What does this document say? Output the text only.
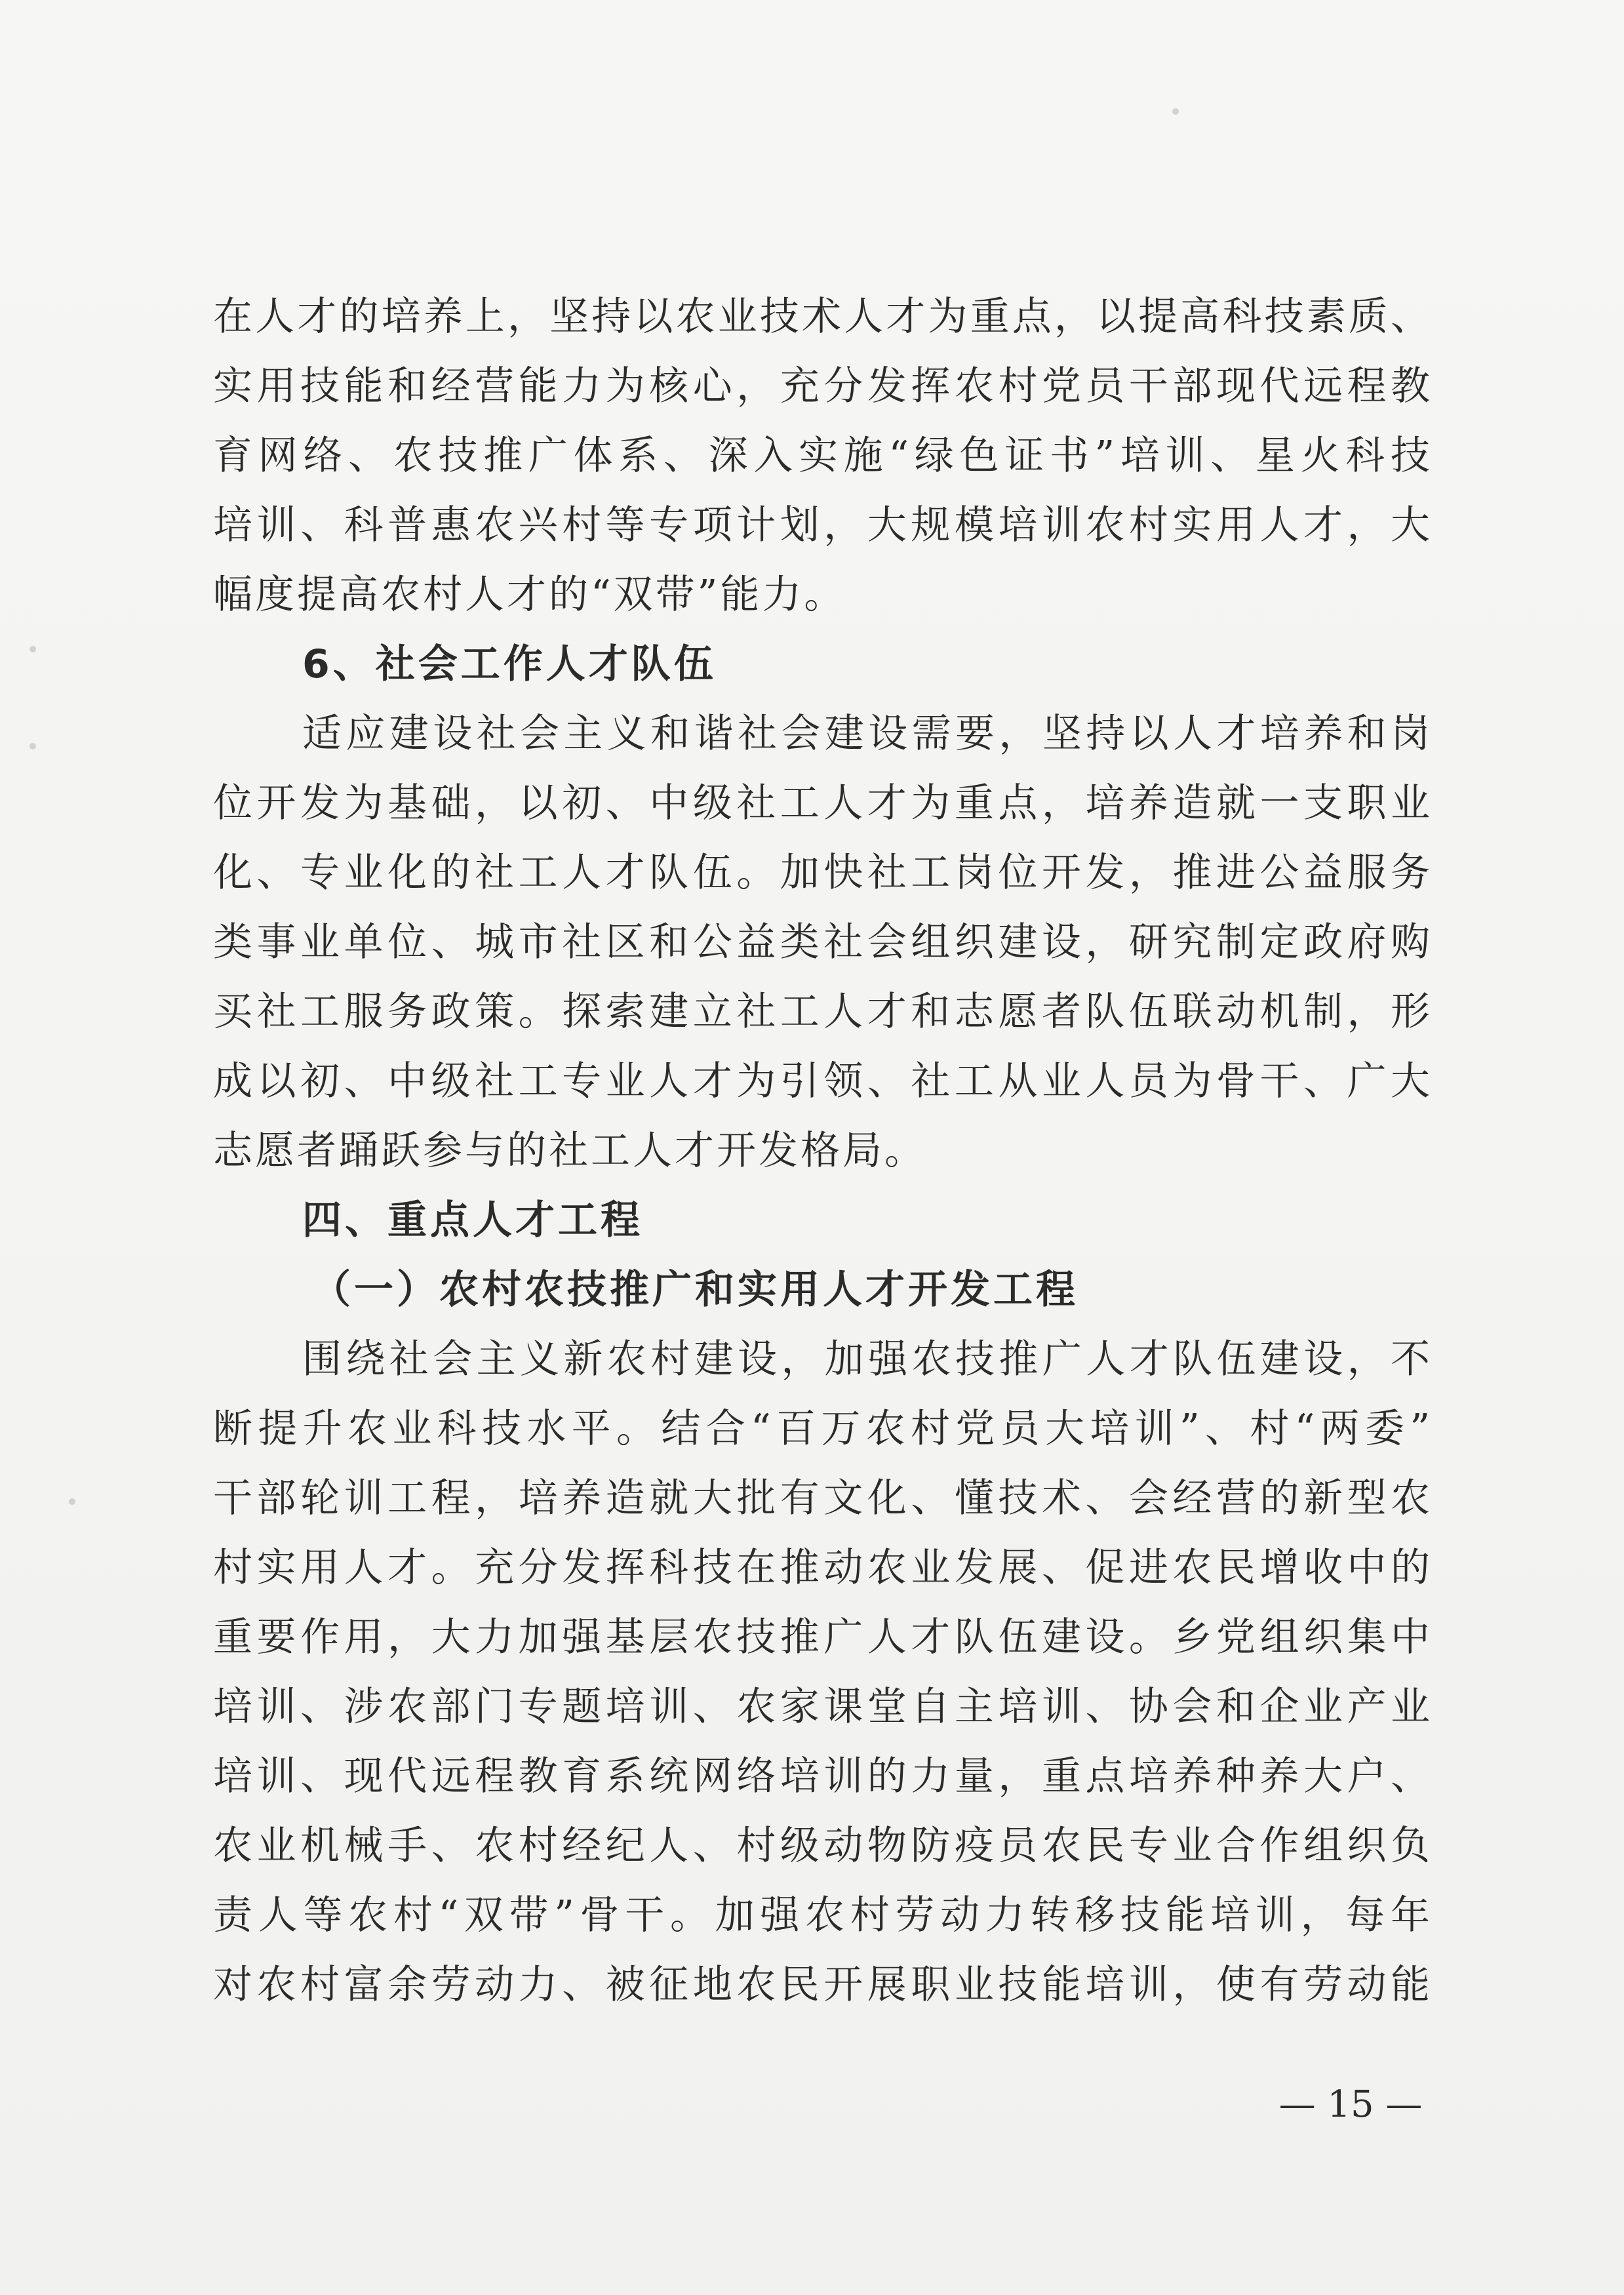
在人才的培养上，坚持以农业技术人才为重点，以提高科技素质、
实用技能和经营能力为核心，充分发挥农村党员干部现代远程教
育网络、农技推广体系、深入实施“绿色证书”培训、星火科技
培训、科普惠农兴村等专项计划，大规模培训农村实用人才，大
幅度提高农村人才的“双带”能力。
6、社会工作人才队伍
适应建设社会主义和谐社会建设需要，坚持以人才培养和岗
位开发为基础，以初、中级社工人才为重点，培养造就一支职业
化、专业化的社工人才队伍。加快社工岗位开发，推进公益服务
类事业单位、城市社区和公益类社会组织建设，研究制定政府购
买社工服务政策。探索建立社工人才和志愿者队伍联动机制，形
成以初、中级社工专业人才为引领、社工从业人员为骨干、广大
志愿者踊跃参与的社工人才开发格局。
四、重点人才工程
（一）农村农技推广和实用人才开发工程
围绕社会主义新农村建设，加强农技推广人才队伍建设，不
断提升农业科技水平。结合“百万农村党员大培训”、村“两委”
干部轮训工程，培养造就大批有文化、懂技术、会经营的新型农
村实用人才。充分发挥科技在推动农业发展、促进农民增收中的
重要作用，大力加强基层农技推广人才队伍建设。乡党组织集中
培训、涉农部门专题培训、农家课堂自主培训、协会和企业产业
培训、现代远程教育系统网络培训的力量，重点培养种养大户、
农业机械手、农村经纪人、村级动物防疫员农民专业合作组织负
责人等农村“双带”骨干。加强农村劳动力转移技能培训，每年
对农村富余劳动力、被征地农民开展职业技能培训，使有劳动能
— 15 —
